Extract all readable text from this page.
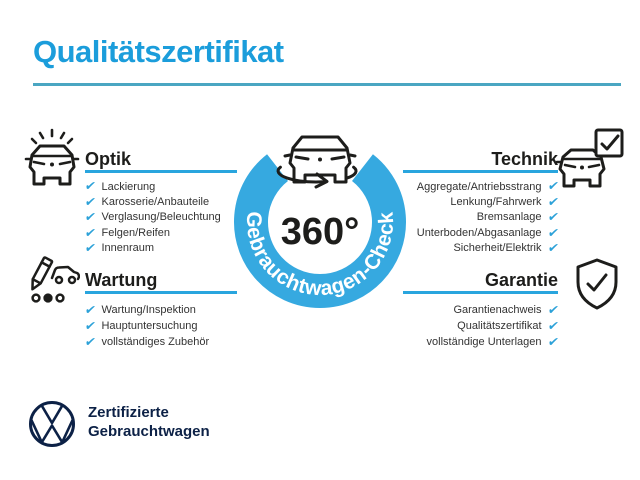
Qualitätszertifikat
Gebrauchtwagen-Check
360°
Optik
✔ Lackierung
✔ Karosserie/Anbauteile
✔ Verglasung/Beleuchtung
✔ Felgen/Reifen
✔ Innenraum
Technik
Aggregate/Antriebsstrang ✔
Lenkung/Fahrwerk ✔
Bremsanlage ✔
Unterboden/Abgasanlage ✔
Sicherheit/Elektrik ✔
Wartung
✔ Wartung/Inspektion
✔ Hauptuntersuchung
✔ vollständiges Zubehör
Garantie
Garantienachweis ✔
Qualitätszertifikat ✔
vollständige Unterlagen ✔
Zertifizierte
Gebrauchtwagen
